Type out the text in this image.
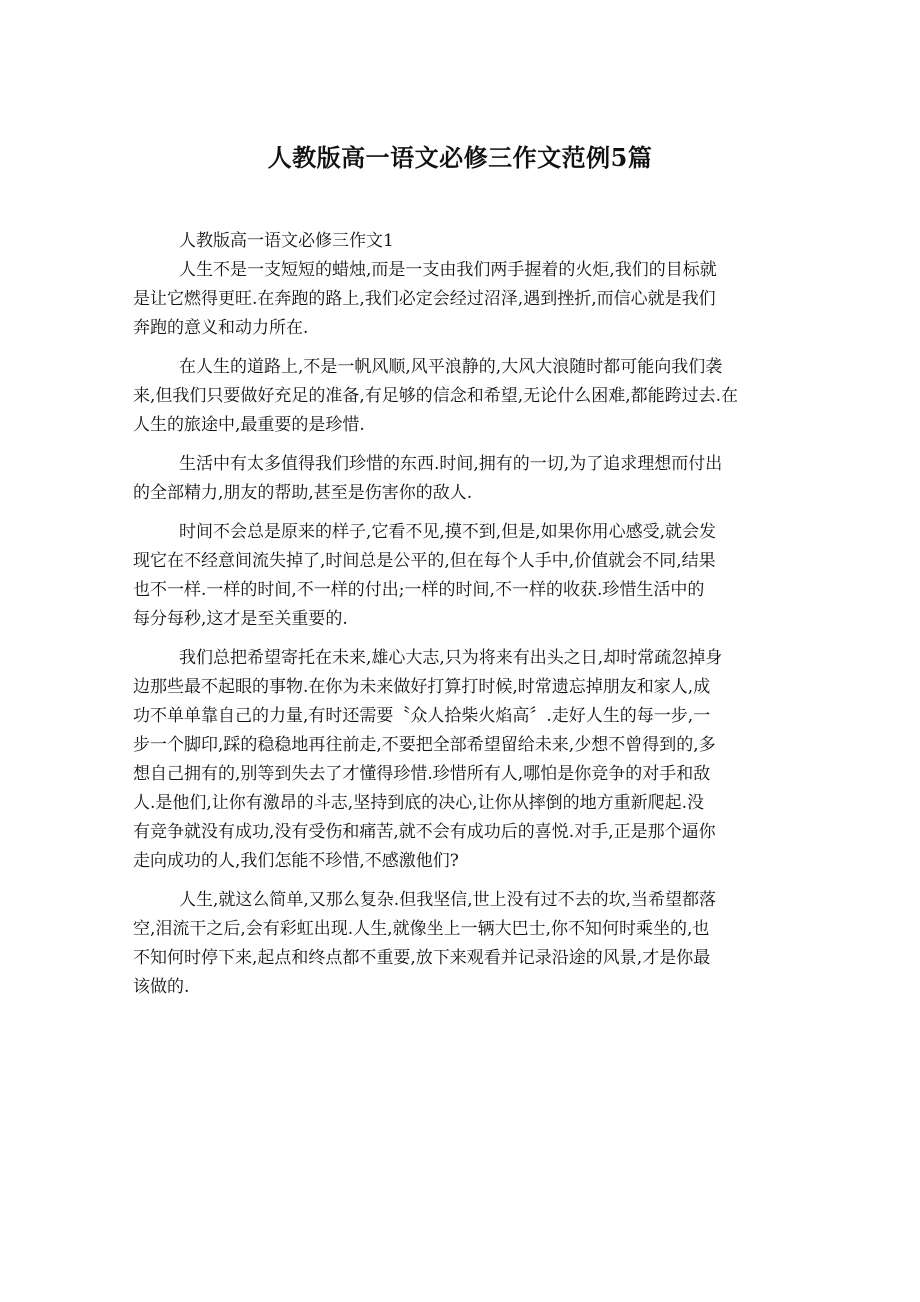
人教版高一语文必修三作文范例5篇
人教版高一语文必修三作文1
人生不是一支短短的蜡烛,而是一支由我们两手握着的火炬,我们的目标就
是让它燃得更旺.在奔跑的路上,我们必定会经过沼泽,遇到挫折,而信心就是我们
奔跑的意义和动力所在.
在人生的道路上,不是一帆风顺,风平浪静的,大风大浪随时都可能向我们袭
来,但我们只要做好充足的准备,有足够的信念和希望,无论什么困难,都能跨过去.在
人生的旅途中,最重要的是珍惜.
生活中有太多值得我们珍惜的东西.时间,拥有的一切,为了追求理想而付出
的全部精力,朋友的帮助,甚至是伤害你的敌人.
时间不会总是原来的样子,它看不见,摸不到,但是,如果你用心感受,就会发
现它在不经意间流失掉了,时间总是公平的,但在每个人手中,价值就会不同,结果
也不一样.一样的时间,不一样的付出;一样的时间,不一样的收获.珍惜生活中的
每分每秒,这才是至关重要的.
我们总把希望寄托在未来,雄心大志,只为将来有出头之日,却时常疏忽掉身
边那些最不起眼的事物.在你为未来做好打算打时候,时常遗忘掉朋友和家人,成
功不单单靠自己的力量,有时还需要〝众人拾柴火焰高〞.走好人生的每一步,一
步一个脚印,踩的稳稳地再往前走,不要把全部希望留给未来,少想不曾得到的,多
想自己拥有的,别等到失去了才懂得珍惜.珍惜所有人,哪怕是你竞争的对手和敌
人.是他们,让你有激昂的斗志,坚持到底的决心,让你从摔倒的地方重新爬起.没
有竞争就没有成功,没有受伤和痛苦,就不会有成功后的喜悦.对手,正是那个逼你
走向成功的人,我们怎能不珍惜,不感激他们?
人生,就这么简单,又那么复杂.但我坚信,世上没有过不去的坎,当希望都落
空,泪流干之后,会有彩虹出现.人生,就像坐上一辆大巴士,你不知何时乘坐的,也
不知何时停下来,起点和终点都不重要,放下来观看并记录沿途的风景,才是你最
该做的.
